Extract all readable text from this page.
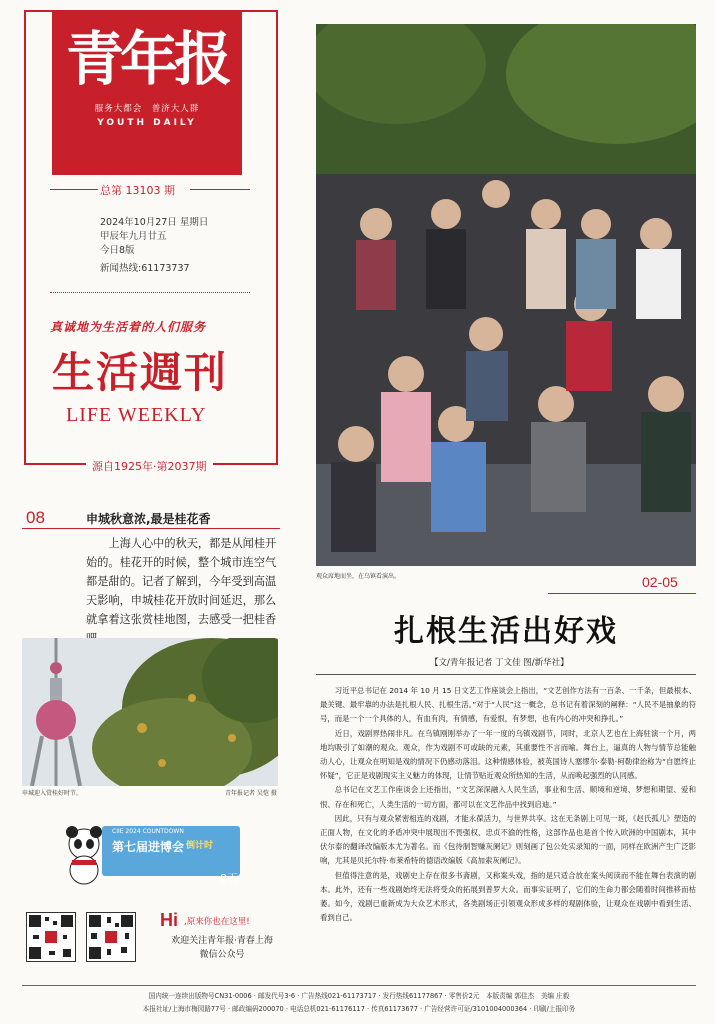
青年报
服务大都会　普济大人群
YOUTH DAILY
总第 13103 期
2024年10月27日 星期日
甲辰年九月廿五
今日8版
新闻热线:61173737
真诚地为生活着的人们服务
生活週刊
LIFE WEEKLY
源自1925年·第2037期
08	申城秋意浓,最是桂花香
上海人心中的秋天，都是从闻桂开始的。桂花开的时候，整个城市连空气都是甜的。记者了解到，今年受到高温天影响，申城桂花开放时间延迟，那么就拿着这张赏桂地图，去感受一把桂香
申城迎入赏桂好时节。	青年报记者 吴恺 摄
CIIE 2024 COUNTDOWN
第七届进博会 倒计时
8天
Hi ,原来你也在这里!
欢迎关注青年报·青春上海
微信公众号
观众席地而坐，在乌镇看演出。	02-05
扎根生活出好戏
【文/青年报记者 丁文佳 图/新华社】

习近平总书记在 2014 年 10 月 15 日文艺工作座谈会上指出，“文艺创作方法有一百条、一千条，但最根本、最关键、最牢靠的办法是扎根人民、扎根生活。”对于“人民”这一概念，总书记有着深刻的阐释：“人民不是抽象的符号，而是一个一个具体的人，有血有肉，有情感，有爱恨，有梦想，也有内心的冲突和挣扎。”

近日，戏剧界热闹非凡。在乌镇刚刚举办了一年一度的乌镇戏剧节，同时，北京人艺也在上海驻演一个月，两地均吸引了如潮的观众。观众，作为戏剧不可或缺的元素，其重要性不言而喻。舞台上，逼真的人物与情节总能触动人心，让观众在明知是戏的情况下仍感动落泪。这种情感体验，被英国诗人塞缪尔·泰勒·柯勒律治称为“自愿终止怀疑”，它正是戏剧现实主义魅力的体现，让情节贴近观众所热知的生活，从而唤起强烈的认同感。

总书记在文艺工作座谈会上还指出，“文艺深深融入人民生活，事业和生活、顺境和逆境、梦想和期望、爱和恨、存在和死亡，人类生活的一切方面，都可以在文艺作品中找到启迪。”

因此，只有与观众紧密相连的戏剧，才能永葆活力，与世界共享。这在无条剧上可见一斑，《赵氏孤儿》塑造的正面人物，在文化的矛盾冲突中展现出不畏强权、忠贞不渝的性格，这部作品也是首个传入欧洲的中国剧本，其中伏尔泰的翻译改编版本尤为著名。而《包待制智赚灰阑记》则刻画了包公处实录知的一面，同样在欧洲产生广泛影响，尤其是贝托尔特·布莱希特的德语改编版《高加索灰阑记》。

但值得注意的是，戏剧史上存在很多书斋剧，又称案头戏，指的是只适合放在案头阅读而不能在舞台表演的剧本。此外，还有一些戏剧始终无法将受众的拓展到普罗大众。而事实证明了，它们的生命力都会随着时间推移而枯萎。如今，戏剧已重新成为大众艺术形式，各类剧场正引领观众形成多样的观剧体验，让观众在戏剧中看到生活、看到自己。

国内统一连续出版物号CN31-0006 · 邮发代号3-6 · 广告热线021-61173717 · 发行热线61177867 · 零售价2元　本版责编 郭佳杰　美编 庄毅
本报社址/上海市梅园路77号 · 邮政编码200070 · 电话总机021-61176117 · 传真61173677 · 广告经营许可证/3101004000364 · 印刷/上报印务
